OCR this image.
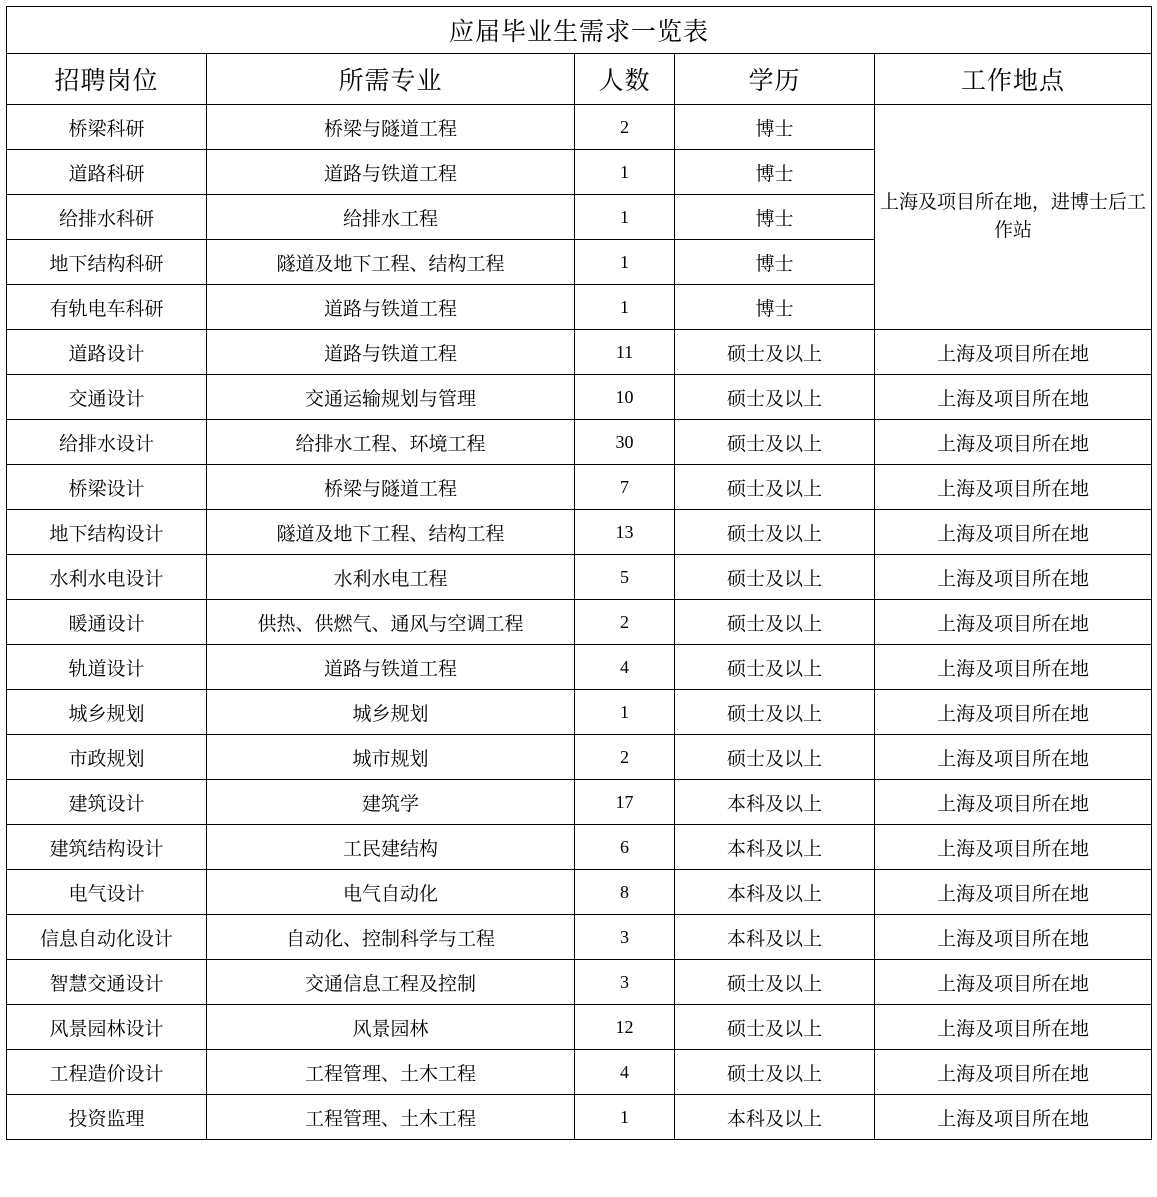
应届毕业生需求一览表				
招聘岗位	所需专业	人数	学历	工作地点
桥梁科研	桥梁与隧道工程	2	博士	上海及项目所在地，进博士后工作站
道路科研	道路与铁道工程	1	博士	
给排水科研	给排水工程	1	博士	
地下结构科研	隧道及地下工程、结构工程	1	博士	
有轨电车科研	道路与铁道工程	1	博士	
道路设计	道路与铁道工程	11	硕士及以上	上海及项目所在地
交通设计	交通运输规划与管理	10	硕士及以上	上海及项目所在地
给排水设计	给排水工程、环境工程	30	硕士及以上	上海及项目所在地
桥梁设计	桥梁与隧道工程	7	硕士及以上	上海及项目所在地
地下结构设计	隧道及地下工程、结构工程	13	硕士及以上	上海及项目所在地
水利水电设计	水利水电工程	5	硕士及以上	上海及项目所在地
暖通设计	供热、供燃气、通风与空调工程	2	硕士及以上	上海及项目所在地
轨道设计	道路与铁道工程	4	硕士及以上	上海及项目所在地
城乡规划	城乡规划	1	硕士及以上	上海及项目所在地
市政规划	城市规划	2	硕士及以上	上海及项目所在地
建筑设计	建筑学	17	本科及以上	上海及项目所在地
建筑结构设计	工民建结构	6	本科及以上	上海及项目所在地
电气设计	电气自动化	8	本科及以上	上海及项目所在地
信息自动化设计	自动化、控制科学与工程	3	本科及以上	上海及项目所在地
智慧交通设计	交通信息工程及控制	3	硕士及以上	上海及项目所在地
风景园林设计	风景园林	12	硕士及以上	上海及项目所在地
工程造价设计	工程管理、土木工程	4	硕士及以上	上海及项目所在地
投资监理	工程管理、土木工程	1	本科及以上	上海及项目所在地
